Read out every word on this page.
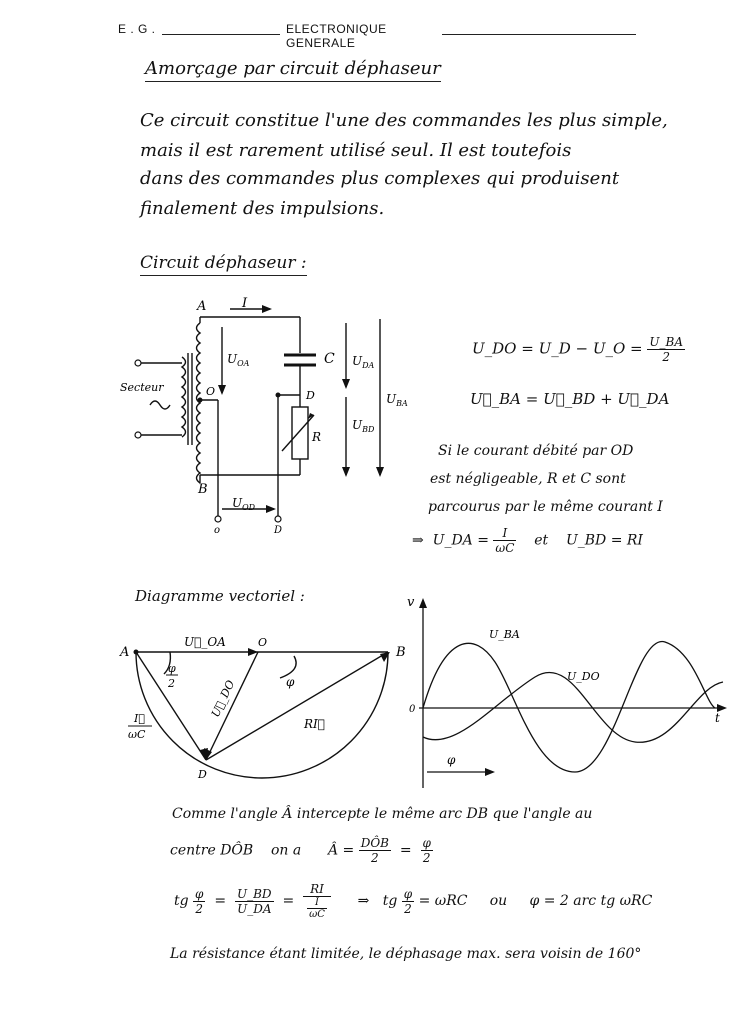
E . G .	ELECTRONIQUE GENERALE
Amorçage par circuit déphaseur
Ce circuit constitue l'une des commandes les plus simple,
mais il est rarement utilisé seul. Il est toutefois
dans des commandes plus complexes qui produisent
finalement des impulsions.
Circuit déphaseur :
A	I
C
D
R
O
B
Secteur
$U_{OA}$	$U_{DA}$
$U_{BA}$
$U_{BD}$
$U_{OD}$
o	D
U_DO = U_D − U_O = $\frac{U\_BA}{2}$
U⃗_BA = U⃗_BD + U⃗_DA
Si le courant débité par OD
est négligeable, R et C sont
parcourus par le même courant I
⇒ U_DA = $\frac{I}{\omega C}$ et U_BD = RI
Diagramme vectoriel :
A
O
B
D
U⃗_OA
U⃗_DO
RI⃗
φ
2	φ
I⃗
ωC
v
t
0
U_BA
U_DO
φ
Comme l'angle Â intercepte le même arc DB que l'angle au
centre DÔB on a Â = $\frac{\text{DÔB}}{2} = \frac{\varphi}{2}$
tg $\frac{\varphi}{2} = \frac{U\_BD}{U\_DA}$ = RI
I
ωC ⇒ tg $\frac{\varphi}{2} = \omega RC$ ou φ = 2 arc tg ωRC
La résistance étant limitée, le déphasage max. sera voisin de 160°
